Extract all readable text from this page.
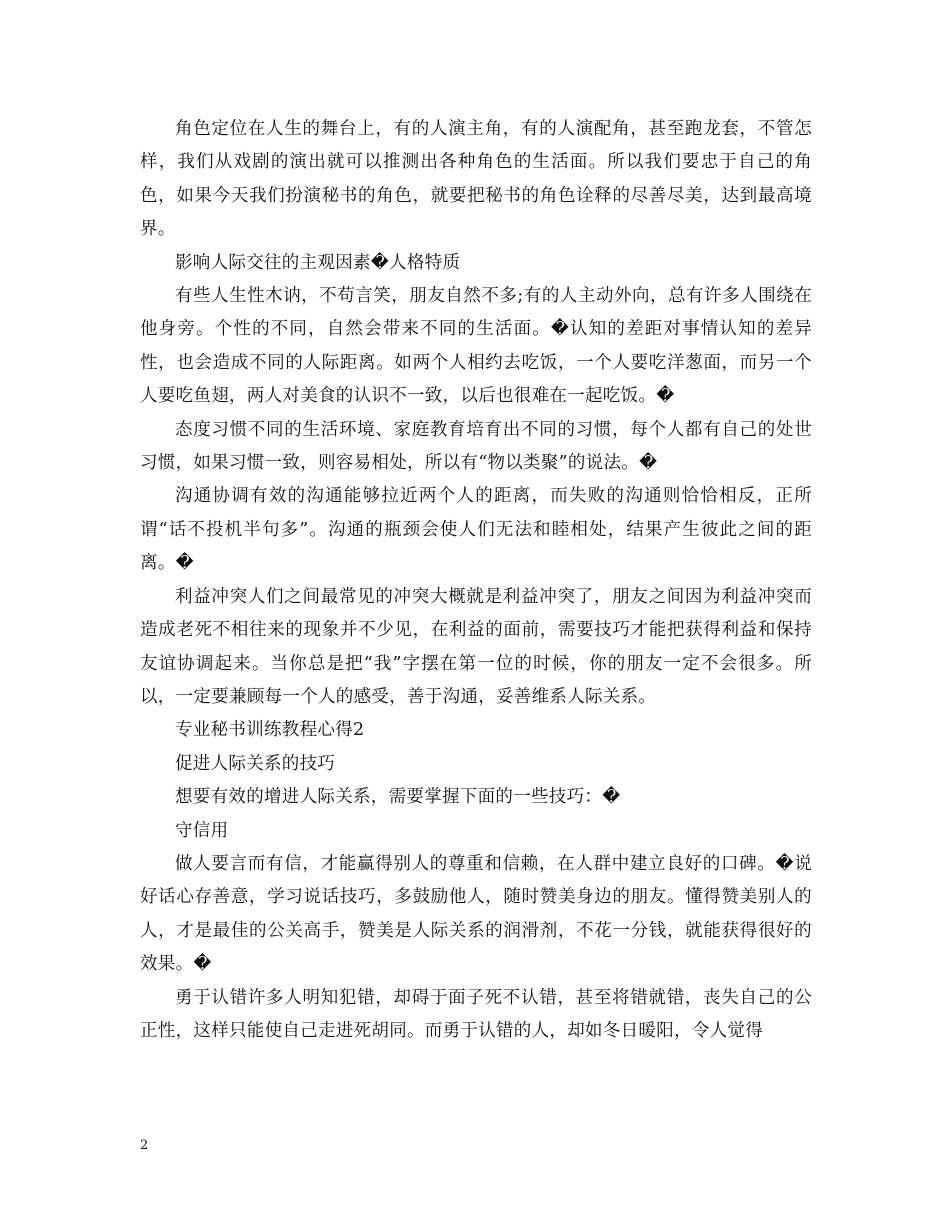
角色定位在人生的舞台上，有的人演主角，有的人演配角，甚至跑龙套，不管怎样，我们从戏剧的演出就可以推测出各种角色的生活面。所以我们要忠于自己的角色，如果今天我们扮演秘书的角色，就要把秘书的角色诠释的尽善尽美，达到最高境界。

影响人际交往的主观因素�人格特质

有些人生性木讷，不苟言笑，朋友自然不多;有的人主动外向，总有许多人围绕在他身旁。个性的不同，自然会带来不同的生活面。�认知的差距对事情认知的差异性，也会造成不同的人际距离。如两个人相约去吃饭，一个人要吃洋葱面，而另一个人要吃鱼翅，两人对美食的认识不一致，以后也很难在一起吃饭。�

态度习惯不同的生活环境、家庭教育培育出不同的习惯，每个人都有自己的处世习惯，如果习惯一致，则容易相处，所以有“物以类聚”的说法。�

沟通协调有效的沟通能够拉近两个人的距离，而失败的沟通则恰恰相反，正所谓“话不投机半句多”。沟通的瓶颈会使人们无法和睦相处，结果产生彼此之间的距离。�

利益冲突人们之间最常见的冲突大概就是利益冲突了，朋友之间因为利益冲突而造成老死不相往来的现象并不少见，在利益的面前，需要技巧才能把获得利益和保持友谊协调起来。当你总是把“我”字摆在第一位的时候，你的朋友一定不会很多。所以，一定要兼顾每一个人的感受，善于沟通，妥善维系人际关系。

专业秘书训练教程心得2

促进人际关系的技巧

想要有效的增进人际关系，需要掌握下面的一些技巧：�

守信用

做人要言而有信，才能赢得别人的尊重和信赖，在人群中建立良好的口碑。�说好话心存善意，学习说话技巧，多鼓励他人，随时赞美身边的朋友。懂得赞美别人的人，才是最佳的公关高手，赞美是人际关系的润滑剂，不花一分钱，就能获得很好的效果。�

勇于认错许多人明知犯错，却碍于面子死不认错，甚至将错就错，丧失自己的公正性，这样只能使自己走进死胡同。而勇于认错的人，却如冬日暖阳，令人觉得

2
